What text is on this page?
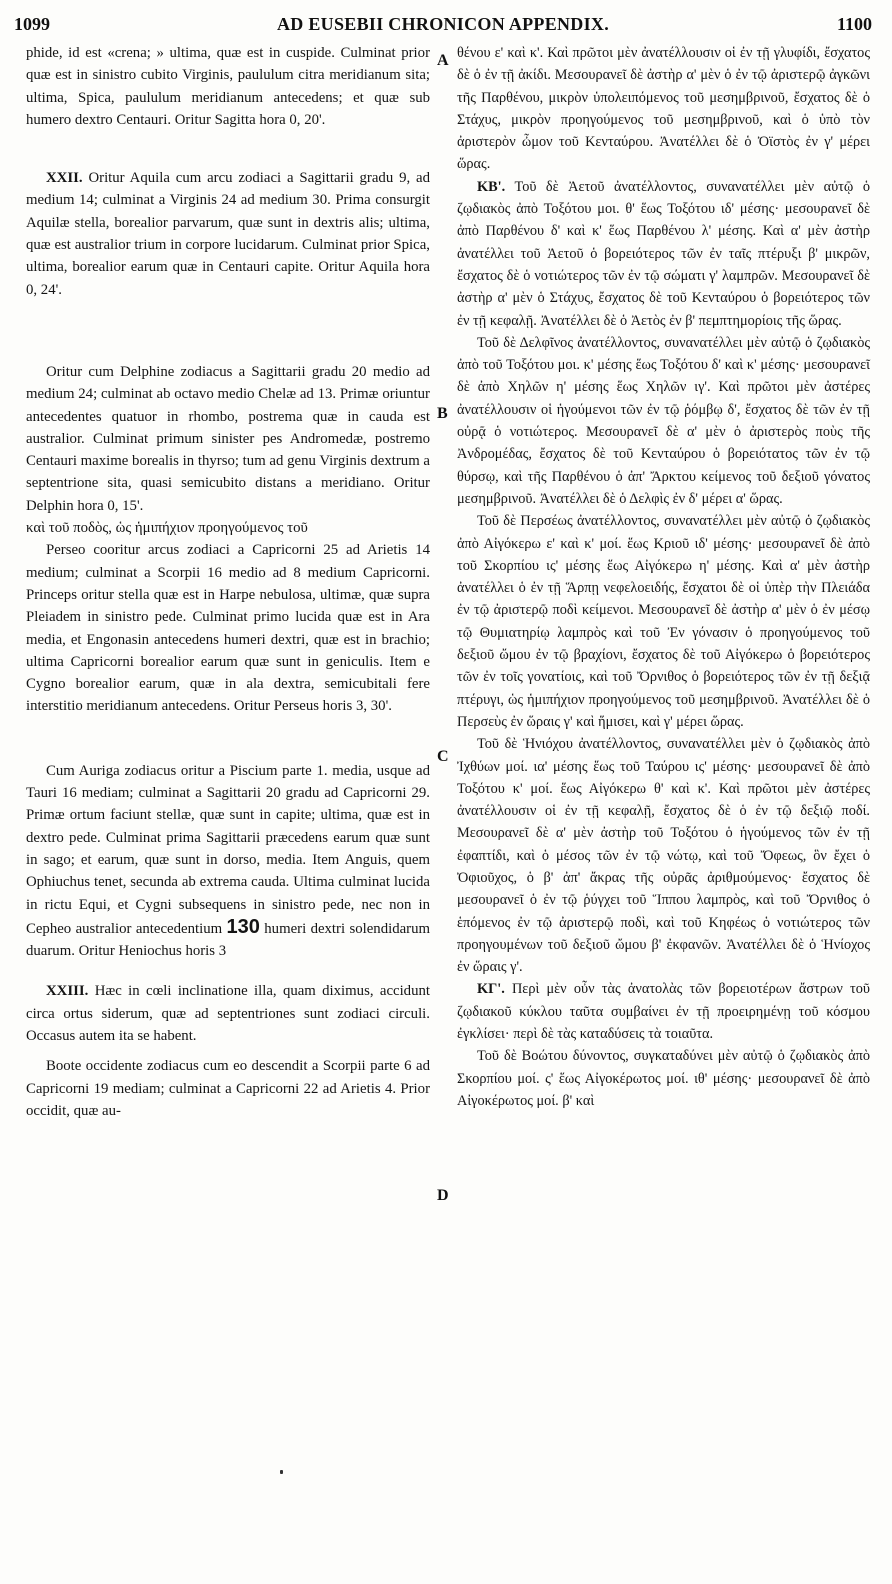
1099	AD EUSEBII CHRONICON APPENDIX.	1100

phide, id est «crena; » ultima, quæ est in cuspide. Culminat prior quæ est in sinistro cubito Virginis, paululum citra meridianum sita; ultima, Spica, paululum meridianum antecedens; et quæ sub humero dextro Centauri. Oritur Sagitta hora 0, 20'.

XXII. Oritur Aquila cum arcu zodiaci a Sagittarii gradu 9, ad medium 14; culminat a Virginis 24 ad medium 30. Prima consurgit Aquilæ stella, borealior parvarum, quæ sunt in dextris alis; ultima, quæ est australior trium in corpore lucidarum. Culminat prior Spica, ultima, borealior earum quæ in Centauri capite. Oritur Aquila hora 0, 24'.

Oritur cum Delphine zodiacus a Sagittarii gradu 20 medio ad medium 24; culminat ab octavo medio Chelæ ad 13. Primæ oriuntur antecedentes quatuor in rhombo, postrema quæ in cauda est australior. Culminat primum sinister pes Andromedæ, postremo Centauri maxime borealis in thyrso; tum ad genu Virginis dextrum a septentrione sita, quasi semicubito distans a meridiano. Oritur Delphin hora 0, 15'.

καὶ τοῦ ποδὸς, ὡς ἡμιπήχιον προηγούμενος τοῦ

Perseo cooritur arcus zodiaci a Capricorni 25 ad Arietis 14 medium; culminat a Scorpii 16 medio ad 8 medium Capricorni. Princeps oritur stella quæ est in Harpe nebulosa, ultimæ, quæ supra Pleiadem in sinistro pede. Culminat primo lucida quæ est in Ara media, et Engonasin antecedens humeri dextri, quæ est in brachio; ultima Capricorni borealior earum quæ sunt in geniculis. Item e Cygno borealior earum, quæ in ala dextra, semicubitali fere interstitio meridianum antecedens. Oritur Perseus horis 3, 30'.

Cum Auriga zodiacus oritur a Piscium parte 1. media, usque ad Tauri 16 mediam; culminat a Sagittarii 20 gradu ad Capricorni 29. Primæ ortum faciunt stellæ, quæ sunt in capite; ultima, quæ est in dextro pede. Culminat prima Sagittarii præcedens earum quæ sunt in sago; et earum, quæ sunt in dorso, media. Item Anguis, quem Ophiuchus tenet, secunda ab extrema cauda. Ultima culminat lucida in rictu Equi, et Cygni subsequens in sinistro pede, nec non in Cepheo australior antecedentium 130 humeri dextri solendidarum duarum. Oritur Heniochus horis 3

XXIII. Hæc in cœli inclinatione illa, quam diximus, accidunt circa ortus siderum, quæ ad septentriones sunt zodiaci circuli. Occasus autem ita se habent.

Boote occidente zodiacus cum eo descendit a Scorpii parte 6 ad Capricorni 19 mediam; culminat a Capricorni 22 ad Arietis 4. Prior occidit, quæ au-

θένου ε' καὶ κ'. Καὶ πρῶτοι μὲν ἀνατέλλουσιν οἱ ἐν τῇ γλυφίδι, ἔσχατος δὲ ὁ ἐν τῇ ἀκίδι. Μεσουρανεῖ δὲ ἀστὴρ α' μὲν ὁ ἐν τῷ ἀριστερῷ ἀγκῶνι τῆς Παρθένου, μικρὸν ὑπολειπόμενος τοῦ μεσημβρινοῦ, ἔσχατος δὲ ὁ Στάχυς, μικρὸν προηγούμενος τοῦ μεσημβρινοῦ, καὶ ὁ ὑπὸ τὸν ἀριστερὸν ὦμον τοῦ Κενταύρου. Ἀνατέλλει δὲ ὁ Ὀϊστὸς ἐν γ' μέρει ὥρας.

ΚΒ'. Τοῦ δὲ Ἀετοῦ ἀνατέλλοντος, συνανατέλλει μὲν αὐτῷ ὁ ζῳδιακὸς ἀπὸ Τοξότου μοι. θ' ἕως Τοξότου ιδ' μέσης· μεσουρανεῖ δὲ ἀπὸ Παρθένου δ' καὶ κ' ἕως Παρθένου λ' μέσης. Καὶ α' μὲν ἀστὴρ ἀνατέλλει τοῦ Ἀετοῦ ὁ βορειότερος τῶν ἐν ταῖς πτέρυξι β' μικρῶν, ἔσχατος δὲ ὁ νοτιώτερος τῶν ἐν τῷ σώματι γ' λαμπρῶν. Μεσουρανεῖ δὲ ἀστὴρ α' μὲν ὁ Στάχυς, ἔσχατος δὲ τοῦ Κενταύρου ὁ βορειότερος τῶν ἐν τῇ κεφαλῇ. Ἀνατέλλει δὲ ὁ Ἀετὸς ἐν β' πεμπτημορίοις τῆς ὥρας.

Τοῦ δὲ Δελφῖνος ἀνατέλλοντος, συνανατέλλει μὲν αὐτῷ ὁ ζῳδιακὸς ἀπὸ τοῦ Τοξότου μοι. κ' μέσης ἕως Τοξότου δ' καὶ κ' μέσης· μεσουρανεῖ δὲ ἀπὸ Χηλῶν η' μέσης ἕως Χηλῶν ιγ'. Καὶ πρῶτοι μὲν ἀστέρες ἀνατέλλουσιν οἱ ἡγούμενοι τῶν ἐν τῷ ῥόμβῳ δ', ἔσχατος δὲ τῶν ἐν τῇ οὐρᾷ ὁ νοτιώτερος. Μεσουρανεῖ δὲ α' μὲν ὁ ἀριστερὸς ποὺς τῆς Ἀνδρομέδας, ἔσχατος δὲ τοῦ Κενταύρου ὁ βορειότατος τῶν ἐν τῷ θύρσῳ, καὶ τῆς Παρθένου ὁ ἀπ' Ἄρκτου κείμενος τοῦ δεξιοῦ γόνατος μεσημβρινοῦ. Ἀνατέλλει δὲ ὁ Δελφὶς ἐν δ' μέρει α' ὥρας.

Τοῦ δὲ Περσέως ἀνατέλλοντος, συνανατέλλει μὲν αὐτῷ ὁ ζῳδιακὸς ἀπὸ Αἰγόκερω ε' καὶ κ' μοί. ἕως Κριοῦ ιδ' μέσης· μεσουρανεῖ δὲ ἀπὸ τοῦ Σκορπίου ις' μέσης ἕως Αἰγόκερω η' μέσης. Καὶ α' μὲν ἀστὴρ ἀνατέλλει ὁ ἐν τῇ Ἅρπῃ νεφελοειδής, ἔσχατοι δὲ οἱ ὑπὲρ τὴν Πλειάδα ἐν τῷ ἀριστερῷ ποδὶ κείμενοι. Μεσουρανεῖ δὲ ἀστὴρ α' μὲν ὁ ἐν μέσῳ τῷ Θυμιατηρίῳ λαμπρὸς καὶ τοῦ Ἐν γόνασιν ὁ προηγούμενος τοῦ δεξιοῦ ὤμου ἐν τῷ βραχίονι, ἔσχατος δὲ τοῦ Αἰγόκερω ὁ βορειότερος τῶν ἐν τοῖς γονατίοις, καὶ τοῦ Ὄρνιθος ὁ βορειότερος τῶν ἐν τῇ δεξιᾷ πτέρυγι, ὡς ἡμιπήχιον προηγούμενος τοῦ μεσημβρινοῦ. Ἀνατέλλει δὲ ὁ Περσεὺς ἐν ὥραις γ' καὶ ἥμισει, καὶ γ' μέρει ὥρας.

Τοῦ δὲ Ἡνιόχου ἀνατέλλοντος, συνανατέλλει μὲν ὁ ζῳδιακὸς ἀπὸ Ἰχθύων μοί. ια' μέσης ἕως τοῦ Ταύρου ις' μέσης· μεσουρανεῖ δὲ ἀπὸ Τοξότου κ' μοί. ἕως Αἰγόκερω θ' καὶ κ'. Καὶ πρῶτοι μὲν ἀστέρες ἀνατέλλουσιν οἱ ἐν τῇ κεφαλῇ, ἔσχατος δὲ ὁ ἐν τῷ δεξιῷ ποδί. Μεσουρανεῖ δὲ α' μὲν ἀστὴρ τοῦ Τοξότου ὁ ἡγούμενος τῶν ἐν τῇ ἐφαπτίδι, καὶ ὁ μέσος τῶν ἐν τῷ νώτῳ, καὶ τοῦ Ὄφεως, ὃν ἔχει ὁ Ὀφιοῦχος, ὁ β' ἀπ' ἄκρας τῆς οὐρᾶς ἀριθμούμενος· ἔσχατος δὲ μεσουρανεῖ ὁ ἐν τῷ ῥύγχει τοῦ Ἵππου λαμπρὸς, καὶ τοῦ Ὄρνιθος ὁ ἑπόμενος ἐν τῷ ἀριστερῷ ποδὶ, καὶ τοῦ Κηφέως ὁ νοτιώτερος τῶν προηγουμένων τοῦ δεξιοῦ ὤμου β' ἐκφανῶν. Ἀνατέλλει δὲ ὁ Ἡνίοχος ἐν ὥραις γ'.

ΚΓ'. Περὶ μὲν οὖν τὰς ἀνατολὰς τῶν βορειοτέρων ἄστρων τοῦ ζῳδιακοῦ κύκλου ταῦτα συμβαίνει ἐν τῇ προειρημένῃ τοῦ κόσμου ἐγκλίσει· περὶ δὲ τὰς καταδύσεις τὰ τοιαῦτα.

Τοῦ δὲ Βοώτου δύνοντος, συγκαταδύνει μὲν αὐτῷ ὁ ζῳδιακὸς ἀπὸ Σκορπίου μοί. ς' ἕως Αἰγοκέρωτος μοί. ιθ' μέσης· μεσουρανεῖ δὲ ἀπὸ Αἰγοκέρωτος μοί. β' καὶ

A
B
C
D
